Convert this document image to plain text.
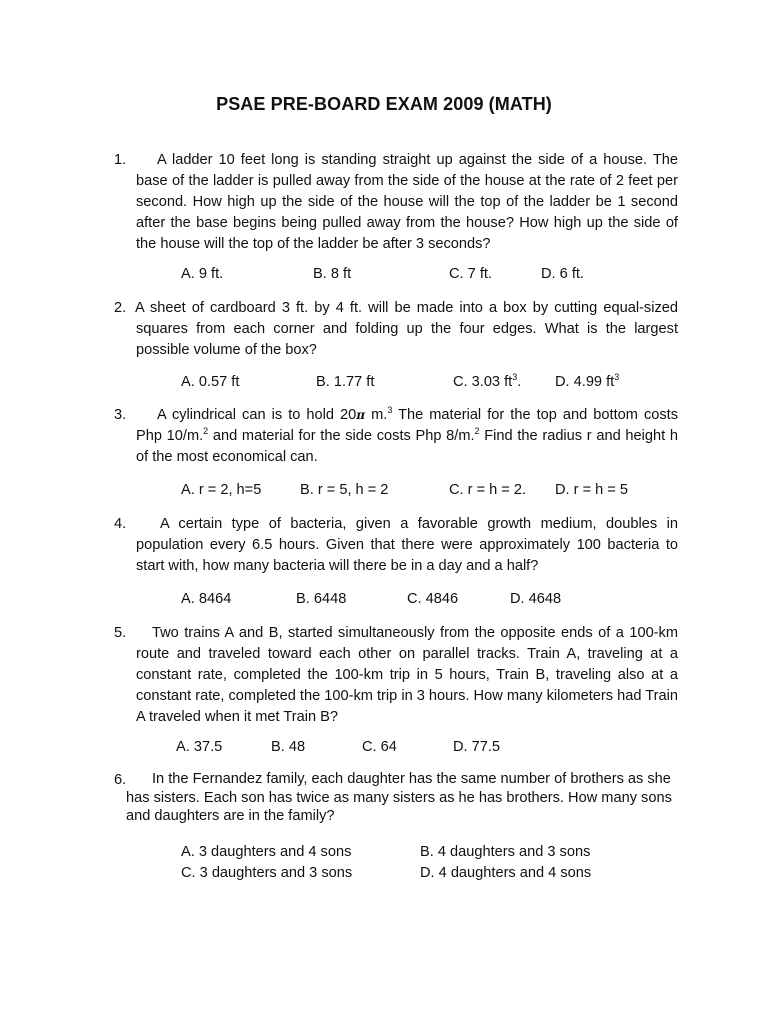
PSAE PRE-BOARD EXAM 2009 (MATH)
1.	A ladder 10 feet long is standing straight up against the side of a house. The base of the ladder is pulled away from the side of the house at the rate of 2 feet per second. How high up the side of the house will the top of the ladder be 1 second after the base begins being pulled away from the house? How high up the side of the house will the top of the ladder be after 3 seconds?
A. 9 ft.	B. 8 ft	C. 7 ft.	D. 6 ft.
2. A sheet of cardboard 3 ft. by 4 ft. will be made into a box by cutting equal-sized squares from each corner and folding up the four edges. What is the largest possible volume of the box?
A. 0.57 ft	B. 1.77 ft	C. 3.03 $ft^3$. D. 4.99 $ft^3$
3.	A cylindrical can is to hold 20π m.$^3$ The material for the top and bottom costs Php 10/m.$^2$ and material for the side costs Php 8/m.$^2$ Find the radius r and height h of the most economical can.
A. r = 2, h=5	B. r = 5, h = 2	C. r = h = 2. D. r = h = 5
4.	A certain type of bacteria, given a favorable growth medium, doubles in population every 6.5 hours. Given that there were approximately 100 bacteria to start with, how many bacteria will there be in a day and a half?
A. 8464	B. 6448	C. 4846	D. 4648
5.	Two trains A and B, started simultaneously from the opposite ends of a 100-km route and traveled toward each other on parallel tracks. Train A, traveling at a constant rate, completed the 100-km trip in 5 hours, Train B, traveling also at a constant rate, completed the 100-km trip in 3 hours. How many kilometers had Train A traveled when it met Train B?
A. 37.5	B. 48	C. 64	D. 77.5
6.	In the Fernandez family, each daughter has the same number of brothers as she has sisters. Each son has twice as many sisters as he has brothers. How many sons and daughters are in the family?
A. 3 daughters and 4 sons	B. 4 daughters and 3 sons
C. 3 daughters and 3 sons	D. 4 daughters and 4 sons
